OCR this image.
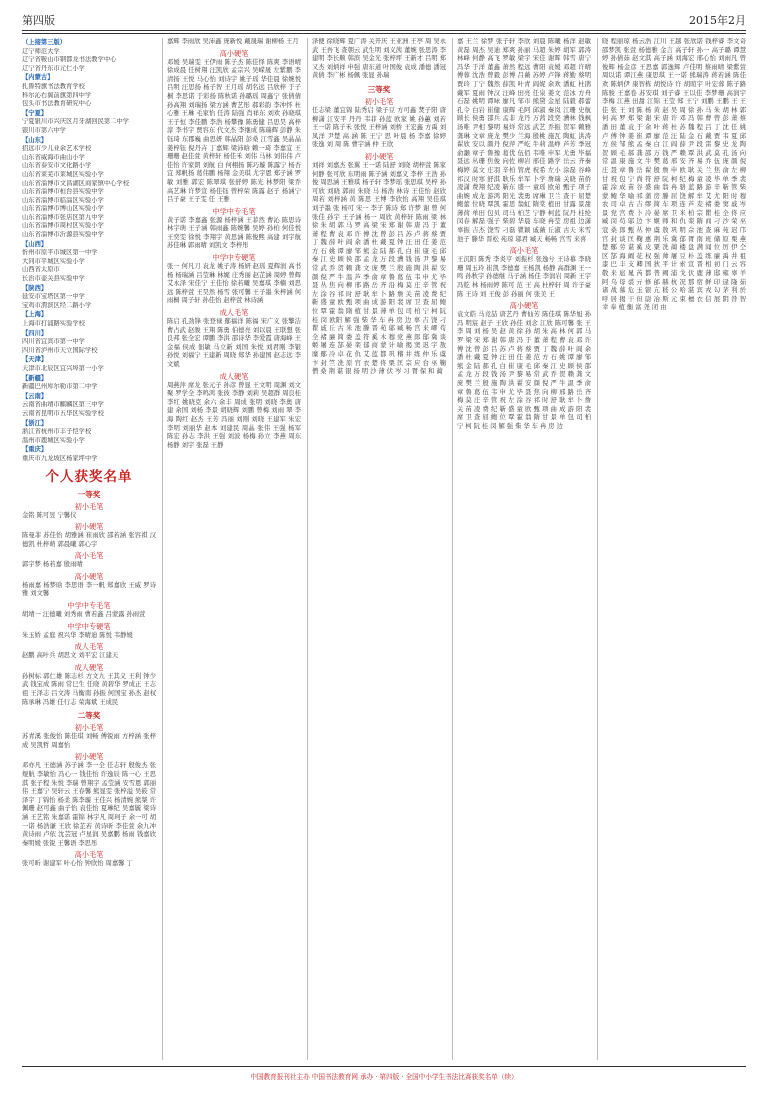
第四版	2015年2月
（上接第三版）
辽宁师范大学
辽宁省鞍山市钢都龙书法教学中心
辽宁省丹东市元仁小学
【内蒙古】
扎鲁特旗书法教育学校
科尔沁右翼前旗第四中学
包头市书法教育研究中心
【宁夏】
宁夏银川市兴庆区月牙湖回民第二中学
银川市第六中学
【山东】
招远市少儿业余艺术学校
山东省威海市曲山小学
山东省泰安市文化路小学
山东省莱芜市莱城区实验小学
山东省淄博市文昌湖区商家镇中心学校
山东省淄博市桓台县实验中学
山东省淄博市临淄区实验小学
山东省淄博市博山区实验小学
山东省淄博市张店区第九中学
山东省淄博市周村区实验小学
山东省淄博市沂源县实验中学
【山西】
忻州市原平市城区第一中学
大同市平城区实验小学
山西省太原市
长治市壶关县实验中学
【陕西】
延安市宝塔区第一中学
宝鸡市渭滨区经二路小学
【上海】
上海市打浦路实验学校
【四川】
四川省宜宾市第一中学
四川省泸州市天立国际学校
【天津】
天津市北辰区宜兴埠第一小学
【新疆】
新疆巴州库尔勒市第二中学
【云南】
云南省曲靖市麒麟区第三中学
云南省昆明市五华区实验学校
【浙江】
浙江省杭州市丰子恺学校
温州市鹿城区实验小学
【重庆】
重庆市九龙坡区杨家坪中学
个人获奖名单
一等奖
初小毛笔
金铭 陈可昱 宁馨仪
初小硬笔
陈曼菲 苏佳怡 胡雅涵 崔雨欣 邵若涵 张容祺 汉德凯 杜梓萌 郭晨曦 郭心宇
高小毛笔
郭宇梦 杨若嘉 殷雨晴
高小硬笔
杨雨嘉 杨梦晗 李思语 李一帆 郑嘉欣 王威 罗诗雅 刘文馨
中学中专毛笔
胡靖一 汪德曦 刘秀雨 曹若鑫 吕蒙露 孙雨萱
中学中专硬笔
朱玉娇 孟庭 祝兴华 李晴迪 陈悦 韦静媛
成人毛笔
赵鹏 高叶兵 胡思文 刘平宏 江建天
成人硬笔
孙树标 郭仁雄 陈志杉 方文九 王其义 王利 钟少武 钱宝成 陈雨 常巳生 任晓 黄碧华 罗成正 王志祖 王泽志 吕文涛 马衡南 孙振 何国宝 孙杰 赵权 陈承琳 冯雄 任行志 荣海斌 王成民
二等奖
初小毛笔
苏青溪 张俊怡 陈佳琪 刘畅 傅锐雨 方梓涵 张梓成 吴凯哲 周嘉怡
初小硬笔
邓亦凡 王德涵 苏子涵 李一全 任志轩 殷俊杰 张煜航 李敏怡 冯心一 钱佳怡 许逸辰 陈一心 王思淇 张子程 朱悦 李瑞 曾翔宇 孟莹涵 安雪恩 郭丽伟 王嘉宁 吴轩云 王春馨 熊显雯 张梓溢 吴筱 常泽宇 丁锦怡 杨柔 陈李璇 王佳兴 杨清婉 熊桀 许佩珊 赵可鑫 曲子怡 袁佳怡 夏琳纪 吴嘉毓 梁诗涵 王艺铭 朱嘉诺 霍锦 林宇凡 周珂子 余一可 胡一诺 杨浩谦 王欣 徐芷若 黄诗昕 李佳萱 余九冲 黄诗雨 卢依 沈芸冠 卢星润 吴嘉鹏 杨雨 钱嘉欣 秦明媛 张锐 王馨语 李思彤
高小毛笔
张可昕 谢建军 叶心怡 钟欣怡 周嘉馨 丁
嘉辉 李雨欣 吴沛鑫 庞新悦 戴晟瑞 谢柳杨 王月
高小硬笔
邓媛 吴瑞雯 王伊雨 陈子杰 陈佳怿 陈爽 李语晴 徐成晨 任树翔 汪凯欣 孟宗兴 吴嵘晟 左紫鹏 李清扬 王悦 马心怡 刘诗宇 姚子瑶 华佳晨 徐婉悦 吕明 汪思扬 杨子智 王月瑶 胡名远 吕欣梓 于子桐 李思诺 于彩扬 陈秋诺 孙璐瑶 周鑫宁 张倩倩 孙高翔 刘瑞扬 梁方涵 曹艺彤 郝彩韵 李冲怀 杜心雅 王琳 毛家怡 任涛 陆强 肖祥东 刘欢 孙晓琪 王子恒 李佳鹏 李浩 杨攀豫 陈勇健 吕思昊 高梓淳 李书宇 贾容东 代文杰 李继成 陈瑞辉 彭静 朱钰琦 东郡巍 曲思妍 韩晶阳 彭桑 江雪鑫 吴晶晶 姜梓钰 倪丹卉 丁嘉辉 梁沛晗 赖一琦 李嘉宜 王珊珊 赵佳萱 黄梓轩 杨佳禾 刘伟 马林 刘伟伟 卢佳怡 许家朗 刘航 白 何栩扬 陈巧璇 陈露宁 杨杏宜 郑帆扬 葛伟鹏 杨翔 金美琪 尤宇恩 郑子涵 罗敏 刘雅 郭宏 陈翠琪 张舒婷 陈光 林梦阳 梁乔 高艺琳 许梦宣 杨佳钰 曾梓荣 陈露 赵子 杨涵宁 吕子豪 王子雯 任 王雅
中学中专毛笔
黄子诺 李嘉鑫 张源 杨梓涵 王菲然 曹沁 陈思诗 林宇萌 王子涵 韩雨鑫 陈婉馨 吴婷 孙柏 何佳悦 王奕雯 徐悦 李翔宇 黄思涵 陈俊熙 高建 刘宇航 苏佳琳 郭雨晴 刘凯文 李梓彤
中学中专硬笔
张一 何凡刀 袁龙 姚子涛 杨妍 赵瑶 夏辉润 高书杨 杨瑞涵 吕莹琳 林娓 庄秀丽 赵芷涵 周婷 曾辉 艾永泽 宋佳宁 王佳怡 徐若曦 吴嘉琪 李楠 刘思远 陈梓萱 王昊然 杨雪 张可馨 王子墨 朱梓涵 何雨桐 周子轩 孙佳怡 赵梓萱 林诗涵
成人毛笔
陈启 孔劲锋 张登禄 鄢福洋 陈福 宋广义 张擎洁 曹占武 赵骏 王翔 陈勇 伯德亮 刘以晨 王联想 张良邦 张全宏 谭鹏 李洪 邵诗华 李爱霞 唐海峰 王金福 侯成 佃敏 马立新 刘国 朱悦 刘君刚 李银 孙悦 刘福宁 王建新 周晓 郑华 孙建国 赵志远 李文斌
成人硬笔
周燕萍 席龙 张元子 孙彦 曾显 王文明 周渊 刘文聚 罗学全 李鸣鸿 张彼 李静 刘莉 吴超群 周良桂 李红 姚晓克 余六 余丰 周成 张明 刘晓 李奥 唐建 余国 刘杨 李景 胡晓辉 刘鹏 曾梅 刘雨 翠 李海 陶红 赵杰 王芳 冯丽 刘刚 刘晓 王建军 朱宏 李明 刘丽华 赵本 刘建民 周晶 张伟 王强 杨军 陈宏 孙志 李洪 王强 刘波 杨梅 孙立 李燕 周东 杨静 刘宇 张磊 王静
泽便 徐晓辉 夏广涛 关开庆 王亚洲 王亭 周 吴永武 王吾飞 查朝云 武生明 刘义茜 董婉 张思涛 李建明 李长顺 韩滨 吴金光 张梓坪 王新才 吕明 郑又杰 刘炳祥 申强 唐东道 叶国俊 袁成 潘德 潘冠 黄倩 李广彬 杨佩 张显 孙瑞
三等奖
初小毛笔
任志梁 董宜锦 陆秀启 梁子豆 方可鑫 焚子阳 唐柳潇 江安平 丹丹 韦菲 孙蓝 欧家 姚 孙蕙 刘若 王一诺 陈子禾 张悦 王梓涵 刘桥 王宏鑫 方禹 刘凤洋 尹楚 高 涵 陈 王宁 思 叶晨 杨 李嘉 徐婷 张逸 刘 周 陈 曹宇涵 仲 王欣
初小硬笔
刘祥 刘嘉杰 张翼 王一诺 陆舒 刘晓 胡梓萱 陈家 何静 张可欣 东明雨 陈子涵 刘嘉义 李梓 王浩 孙俊 周思涵 王雅琪 杨子轩 李梦瑶 张思琪 吴梓 孙可欣 刘晓 郭雨 朱晓 马 杨浩 林诗 王佳怡 赵欣 周若 刘梓涵 黄 陈思 王博 李欣怡 高翔 吴佳琪 刘子墨 张 杨可 宋一 李子 陈诗 郑 许梦 谢 曾 何 张佳 孙宇 王子涵 杨一 周欣 黄梓轩 陈雨 梁 林 徐 朱 胡 郭 马 罗 高 梁 宋 郑 谢 韩 唐 冯 于 董 萧 程 曹 袁 邓 许 傅 沈 曾 彭 吕 苏 卢 蒋 蔡 贾 丁 魏 薛 叶 阎 余 潘 杜 戴 夏 钟 汪 田 任 姜 范 方 石 姚 谭 廖 邹 熊 金 陆 郝 孔 白 崔 康 毛 邱 秦 江 史 顾 侯 邵 孟 龙 万 段 漕 钱 汤 尹 黎 易 常 武 乔 贺 赖 龚 文 庞 樊 兰 殷 施 陶 洪 翟 安 颜 倪 严 牛 温 芦 季 俞 章 鲁 葛 伍 韦 申 尤 毕 聂 丛 焦 向 柳 邢 路 岳 齐 沿 梅 莫 庄 辛 管 祝 左 涂 谷 祁 时 舒 耿 牟 卜 路 詹 关 苗 凌 费 纪 靳 盛 童 欧 甄 项 曲 成 游 阳 裴 席 卫 查 屈 鲍 位 覃 霍 翁 隋 植 甘 景 薄 单 包 司 柏 宁 柯 阮 桂 闵 欧阳 解 强 柴 华 车 冉 房 边 辜 吉 饶 刁 瞿 戚 丘 古 米 池 滕 晋 苑 邬 臧 畅 宫 来 嵺 苟 全 褚 廉 简 娄 盖 符 奚 木 穆 党 燕 郎 邸 冀 谈 姬 屠 连 郜 晏 栾 郁 商 蒙 计 喻 揭 窦 迟 宇 敖 糜 鄢 冷 卓 花 仇 艾 蓝 都 巩 稽 井 练 仲 乐 虞 卞 封 竺 冼 原 官 衣 楚 佟 栗 匡 宗 应 台 巫 鞠 僧 桑 荆 谌 银 扬 明 沙 薄 伏 岑 习 胥 保 和 蔺
嘉 王兰 徐梦 张子轩 李欣 刘晨 陈曦 杨洋 赵敏 黄磊 周杰 吴迪 郑爽 孙丽 马超 朱婷 胡军 郭涛 林峰 何静 高飞 罗敏 梁宇 宋佳 谢晖 韩雪 唐宁 冯华 于洋 董鑫 萧然 程远 曹阳 袁媛 邓超 许晴 傅蓉 沈浩 曾毅 彭博 吕薇 苏婷 卢锋 蒋勤 蔡明 贾玲 丁宁 魏然 薛凯 叶青 阎妮 余欢 潘虹 杜鹃 戴军 夏雨 钟汉 汪峰 田亮 任泉 姜文 范冰 方舟 石磊 姚明 谭咏 廖凡 邹市 熊黛 金星 陆毅 郝蕾 孔令 白岩 崔健 康辉 毛阿 邱淑 秦岚 江珊 史航 顾长 侯勇 邵兵 孟非 龙丹 万茜 段奕 漕林 钱枫 汤唯 尹相 黎明 易烊 常远 武艺 乔振 贺军 赖雅 龚琳 文章 庞龙 樊少 兰海 殷桃 施瓦 陶虹 洪涛 翟欣 安以 颜丹 倪萍 严屹 牛莉 温峥 芦芳 季冠 俞灏 章子 鲁豫 葛优 伍佰 韦唯 申军 尤勇 毕福 聂远 丛珊 焦俊 向佐 柳岩 邢佳 路学 岳云 齐秦 梅婷 莫文 庄羽 辛柏 管虎 祝希 左小 涂磊 谷峰 祁汉 时寒 舒淇 耿乐 牟军 卜学 詹瑞 关晓 苗侨 凌潇 费翔 纪凌 靳东 盛一 童瑶 欧弟 甄子 项子 曲婉 成龙 游鸿 阳光 裴勇 席琳 卫兰 查干 屈楚 鲍蕾 位晓 覃凯 霍思 翁虹 隋棠 植田 甘露 景甜 薄荷 单田 包贝 司马 柏芝 宁静 柯蓝 阮丹 桂纶 闵春 解磊 强子 柴碧 华晨 车晓 冉莹 房祖 边潇 辜振 吉杰 饶雪 刁磊 瞿颖 戚薇 丘淑 古天 米雪 池子 滕华 晋松 苑琼 邬君 臧天 畅畅 宫雪 来喜
高小毛笔
王沉阳 陈秀 李炎亨 刘振杉 张逸兮 王诗慕 李晓珊 周玉玲 崔凯 李德嘉 王杨凯 杨静 高群渊 王一鸣 孙秋宇 孙德继 马子涵 杨佳 李润岩 周新 王宇 冯乾 林 杨雨婷 陈可 范 王 高 杜梓轩 周 许子豪 陈 王诗 刘 王俊 彭 孙丽 何 张美 王
高小硬笔
袁文皓 马竞喆 唐艺丹 曹仙芳 陈佳琪 陈华旭 孙冯 明宸 赵子 王欣 孙佳 刘念 江欣 陈可馨 张 王 李 周 刘 杨 吴 赵 黄 徐 孙 胡 朱 高 林 何 郭 马 罗 梁 宋 郑 谢 韩 唐 冯 于 董 萧 程 曹 袁 邓 许 傅 沈 曾 彭 吕 苏 卢 蒋 蔡 贾 丁 魏 薛 叶 阎 余 潘 杜 戴 夏 钟 汪 田 任 姜 范 方 石 姚 谭 廖 邹 熊 金 陆 郝 孔 白 崔 康 毛 邱 秦 江 史 顾 侯 邵 孟 龙 万 段 钱 汤 尹 黎 易 常 武 乔 贺 赖 龚 文 庞 樊 兰 殷 施 陶 洪 翟 安 颜 倪 严 牛 温 季 俞 章 鲁 葛 伍 韦 申 尤 毕 聂 焦 向 柳 邢 路 岳 齐 梅 莫 庄 辛 管 祝 左 涂 谷 祁 时 舒 耿 牟 卜 詹 关 苗 凌 费 纪 靳 盛 童 欧 甄 项 曲 成 游 阳 裴 席 卫 查 屈 鲍 位 覃 霍 翁 隋 甘 景 单 包 司 柏 宁 柯 阮 桂 闵 解 强 柴 华 车 冉 房 边
晓 程丽琼 杨云浩 江川 王越 张欣诺 钱梓睿 李文奇 邵梦凯 张萱 杨德雅 金言 高子轩 孙一 高子璐 谭慧婷 孙倩茹 赵文淇 高子涵 刘海宏 邢心怡 刘雨凡 曾俊辉 杨金彦 王思嘉 郭逸辉 卢佳明 蔡雨晴 梁紫萱 周以诺 谭江燕 康思琪 王一诺 熊瑞涛 蒋若涵 陈佳欢 陈炳伊 康智栋 胡悦诗 许 胡暄宇 叶宏蓉 陈子路 陈骏 王嘉卷 苏安琪 刘子睿 王以佳 李梦珊 高润宇 李梅 江燕 田甜 江锦 王莹 郑 王宁 刘鹏 王鹏 王 王佳 张 王 刘 陈 杨 黄 赵 吴 周 徐 孙 马 朱 胡 林 郭 何 高 罗 郑 梁 谢 宋 唐 许 邓 冯 韩 曹 曾 彭 萧 蔡 潘 田 董 袁 于 余 叶 蒋 杜 苏 魏 程 吕 丁 沈 任 姚 卢 傅 钟 姜 崔 谭 廖 范 汪 陆 金 石 戴 贾 韦 夏 邱 方 侯 邹 熊 孟 秦 白 江 阎 薛 尹 段 雷 黎 史 龙 陶 贺 顾 毛 郝 龚 邵 万 钱 严 赖 覃 洪 武 莫 孔 汤 向 常 温 康 施 文 牛 樊 葛 邢 安 齐 易 乔 伍 庞 颜 倪 庄 聂 章 鲁 岳 翟 殷 詹 申 欧 耿 关 兰 焦 俞 左 柳 甘 祝 包 宁 尚 符 舒 阮 柯 纪 梅 童 凌 毕 单 季 裴 霍 涂 成 苗 谷 盛 曲 翁 冉 骆 蓝 路 游 辛 靳 管 柴 蒙 鲍 华 喻 祁 蒲 房 滕 屈 饶 解 牟 艾 尤 阳 时 穆 农 司 卓 古 吉 缪 简 车 项 连 芦 麦 褚 娄 窦 戚 岑 景 党 宫 费 卜 冷 晏 席 卫 米 柏 宗 瞿 桂 全 佟 应 臧 闵 苟 邬 边 卞 姬 师 和 仇 栾 隋 商 刁 沙 荣 巫 寇 桑 郎 甄 丛 仲 虞 敖 巩 明 佘 池 查 麻 苑 迟 邝 官 封 谈 匡 鞠 惠 荆 乐 冀 郁 胥 南 班 储 原 栗 燕 楚 鄢 劳 谌 奚 皮 粟 冼 蔺 楼 盘 满 闻 位 厉 伊 仝 区 郜 海 阚 花 权 强 帅 屠 豆 朴 盖 练 廉 禹 井 祖 漆 巴 丰 支 卿 国 狄 平 计 索 宣 晋 相 初 门 云 容 敬 来 扈 晁 芮 都 普 阙 浦 戈 伏 鹿 薄 邸 雍 辜 羊 阿 乌 母 裘 亓 修 邰 赫 杭 况 那 宿 鲜 印 逯 隆 茹 诸 战 慕 危 玉 银 亢 嵇 公 哈 湛 宾 戎 勾 茅 利 於 呼 居 揭 干 但 尉 冶 斯 元 束 檀 衣 信 展 阴 昝 智 幸 奉 植 衡 富 尧 闭 由
中国教育报刊社主办 中国书法教育网 承办 · 第四版 · 全国中小学生书法比赛获奖名单（续）
